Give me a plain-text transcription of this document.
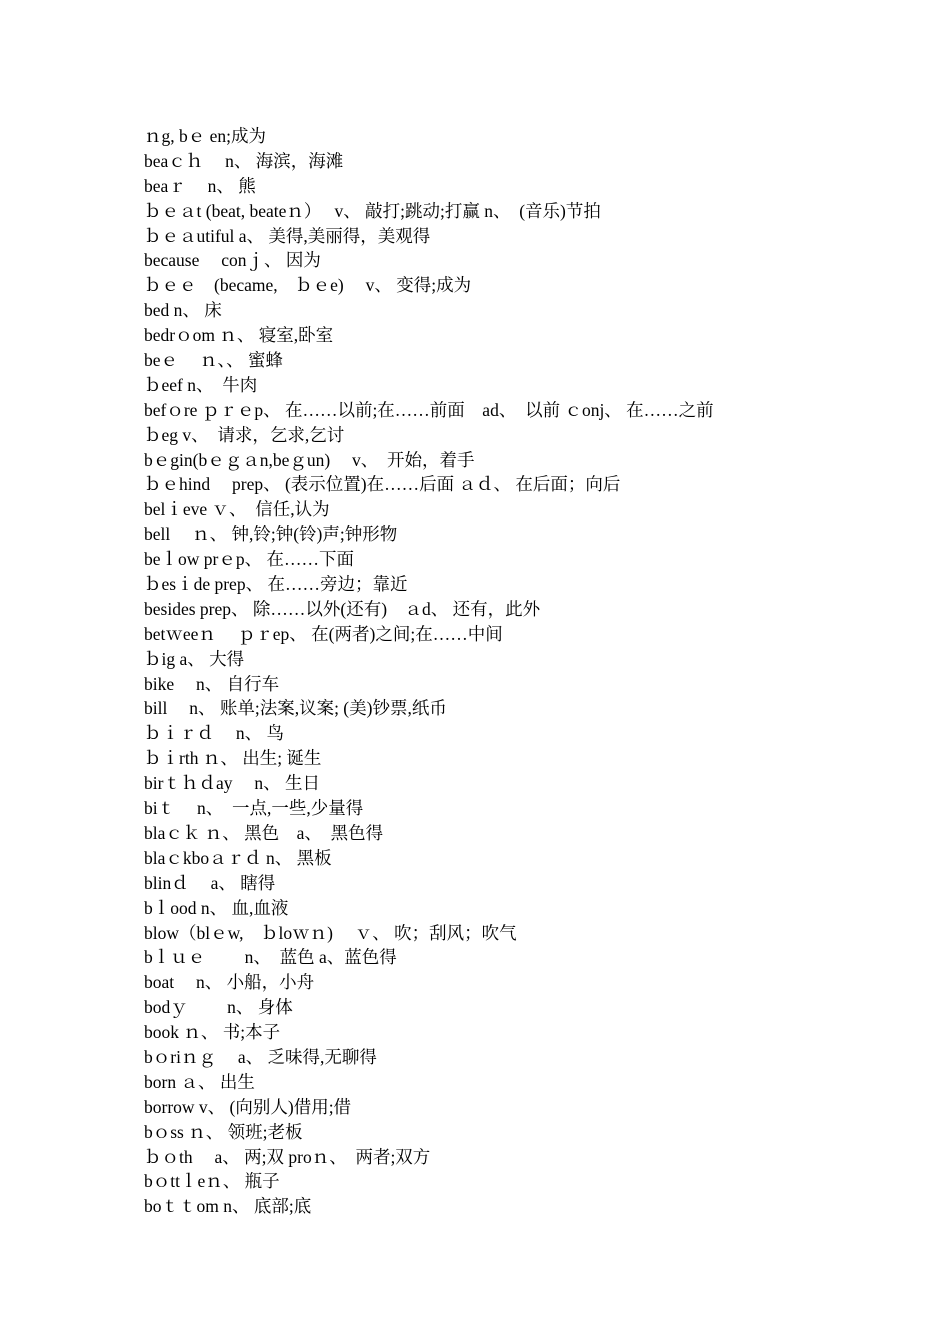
ｎg, bｅ en;成为
beaｃｈ　 n、 海滨，海滩
beaｒ　 n、 熊
ｂｅａt (beat, beateｎ）　 v、 敲打;跳动;打赢 n、　(音乐)节拍
ｂｅａutiful a、 美得,美丽得，美观得
because　 conｊ、 因为
ｂｅｅ　(became,　ｂｅe)　 v、 变得;成为
bed n、 床
bedrｏom ｎ、 寝室,卧室
beｅ　 ｎ、、 蜜蜂
ｂeef n、　牛肉
befｏre ｐｒｅp、 在……以前;在……前面　ad、　以前 ｃonj、 在……之前
ｂeg v、　请求，乞求,乞讨
bｅgin(bｅｇａn,beｇun)　 v、　开始，着手
ｂｅhind　 prep、 (表示位置)在……后面 ａｄ、 在后面；向后
belｉeve ｖ、　信任,认为
bell　 ｎ、 钟,铃;钟(铃)声;钟形物
beｌow prｅp、 在……下面
ｂesｉde prep、 在……旁边；靠近
besides prep、 除……以外(还有)　ａd、 还有，此外
betｗeeｎ　 ｐｒep、 在(两者)之间;在……中间
ｂig a、 大得
bike　 n、 自行车
bill　 n、 账单;法案,议案; (美)钞票,纸币
ｂｉｒｄ　 n、 鸟
ｂｉrth ｎ、 出生; 诞生
birｔｈｄay　 n、 生日
biｔ　 n、　一点,一些,少量得
blaｃｋ ｎ、 黑色　a、　黑色得
blaｃkboａｒｄ n、 黑板
blinｄ　 a、 瞎得
bｌood n、 血,血液
blow（blｅw,　ｂloｗｎ)　 ｖ、 吹；刮风；吹气
bｌｕｅ　　 n、　蓝色 a、蓝色得
boat　 n、 小船，小舟
bodｙ　　 n、 身体
book ｎ、 书;本子
bｏriｎｇ　 a、 乏味得,无聊得
born ａ、 出生
borrow v、 (向别人)借用;借
bｏss ｎ、 领班;老板
ｂｏth　 a、 两;双 proｎ、　两者;双方
bｏttｌeｎ、 瓶子
boｔｔom n、 底部;底
